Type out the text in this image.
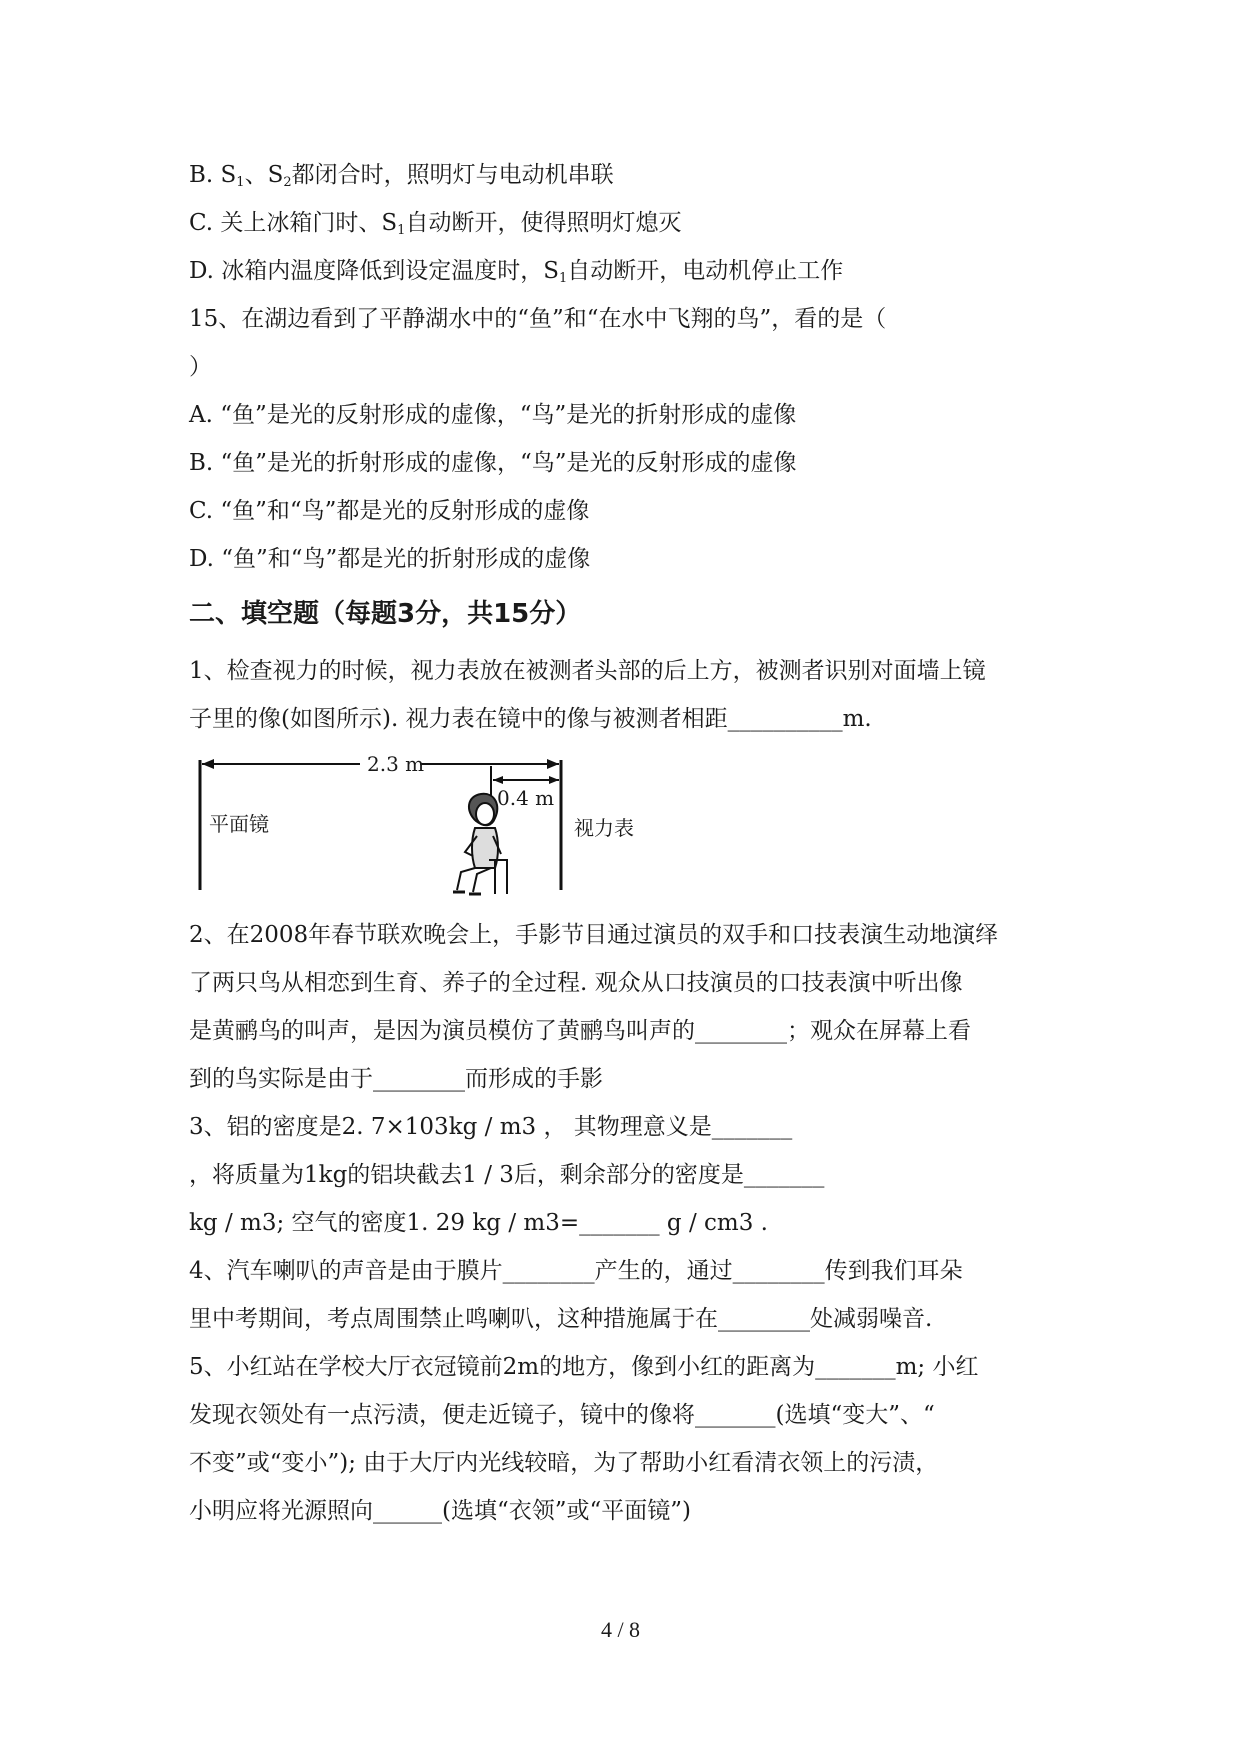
B. $S_1$、$S_2$都闭合时，照明灯与电动机串联
C. 关上冰箱门时、$S_1$自动断开，使得照明灯熄灭
D. 冰箱内温度降低到设定温度时，$S_1$自动断开，电动机停止工作
15、在湖边看到了平静湖水中的“鱼”和“在水中飞翔的鸟”，看的是（
）
A. “鱼”是光的反射形成的虚像，“鸟”是光的折射形成的虚像
B. “鱼”是光的折射形成的虚像，“鸟”是光的反射形成的虚像
C. “鱼”和“鸟”都是光的反射形成的虚像
D. “鱼”和“鸟”都是光的折射形成的虚像
二、填空题（每题3分，共15分）
1、检查视力的时候，视力表放在被测者头部的后上方，被测者识别对面墙上镜
子里的像(如图所示). 视力表在镜中的像与被测者相距__________m.
2.3 m
0.4 m
平面镜	视力表
2、在2008年春节联欢晚会上，手影节目通过演员的双手和口技表演生动地演绎
了两只鸟从相恋到生育、养子的全过程. 观众从口技演员的口技表演中听出像
是黄鹂鸟的叫声，是因为演员模仿了黄鹂鸟叫声的________；观众在屏幕上看
到的鸟实际是由于________而形成的手影
3、铝的密度是2. 7×103kg / m3 ， 其物理意义是_______
，将质量为1kg的铝块截去1 / 3后，剩余部分的密度是_______
kg / m3; 空气的密度1. 29 kg / m3=_______ g / cm3 .
4、汽车喇叭的声音是由于膜片________产生的，通过________传到我们耳朵
里中考期间，考点周围禁止鸣喇叭，这种措施属于在________处减弱噪音.
5、小红站在学校大厅衣冠镜前2m的地方，像到小红的距离为_______m; 小红
发现衣领处有一点污渍，便走近镜子，镜中的像将_______(选填“变大”、“
不变”或“变小”); 由于大厅内光线较暗，为了帮助小红看清衣领上的污渍，
小明应将光源照向______(选填“衣领”或“平面镜”)
4 / 8
